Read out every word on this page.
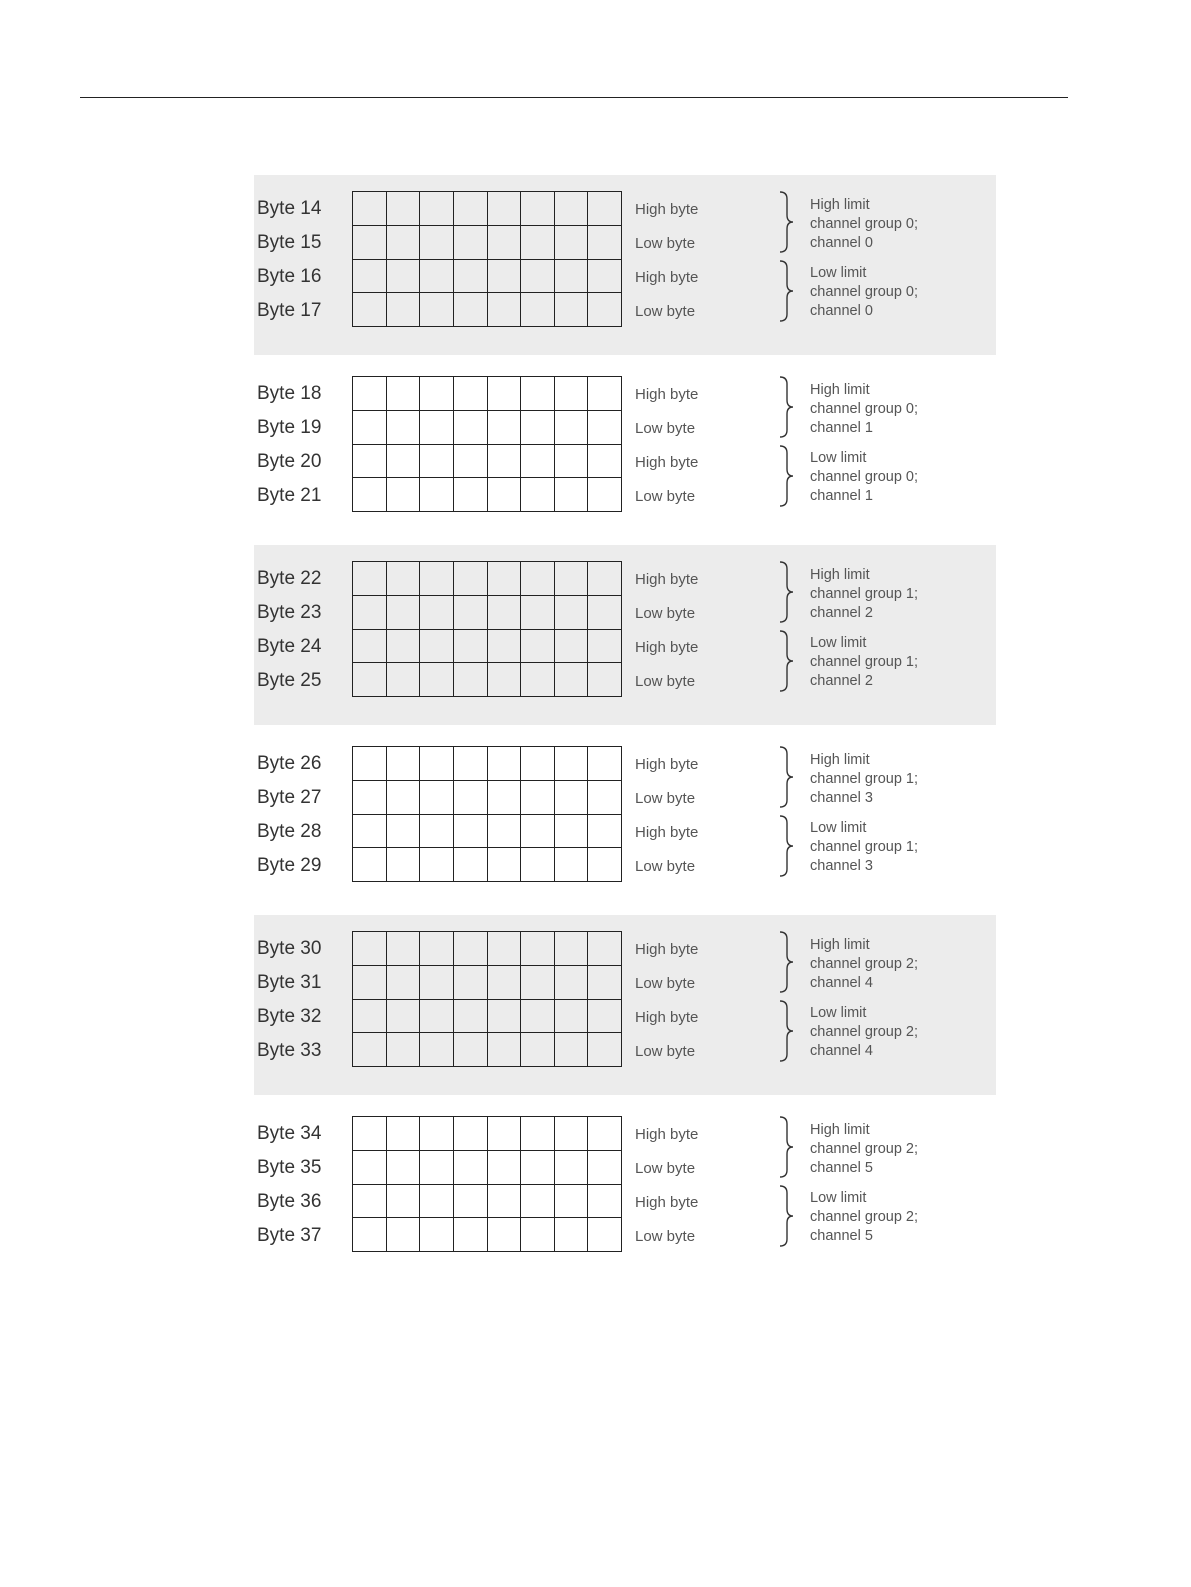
Byte 14
Byte 15
Byte 16
Byte 17
High byte
Low byte
High byte
Low byte
High limit
channel group 0;
channel 0
Low limit
channel group 0;
channel 0
Byte 18
Byte 19
Byte 20
Byte 21
High byte
Low byte
High byte
Low byte
High limit
channel group 0;
channel 1
Low limit
channel group 0;
channel 1
Byte 22
Byte 23
Byte 24
Byte 25
High byte
Low byte
High byte
Low byte
High limit
channel group 1;
channel 2
Low limit
channel group 1;
channel 2
Byte 26
Byte 27
Byte 28
Byte 29
High byte
Low byte
High byte
Low byte
High limit
channel group 1;
channel 3
Low limit
channel group 1;
channel 3
Byte 30
Byte 31
Byte 32
Byte 33
High byte
Low byte
High byte
Low byte
High limit
channel group 2;
channel 4
Low limit
channel group 2;
channel 4
Byte 34
Byte 35
Byte 36
Byte 37
High byte
Low byte
High byte
Low byte
High limit
channel group 2;
channel 5
Low limit
channel group 2;
channel 5
